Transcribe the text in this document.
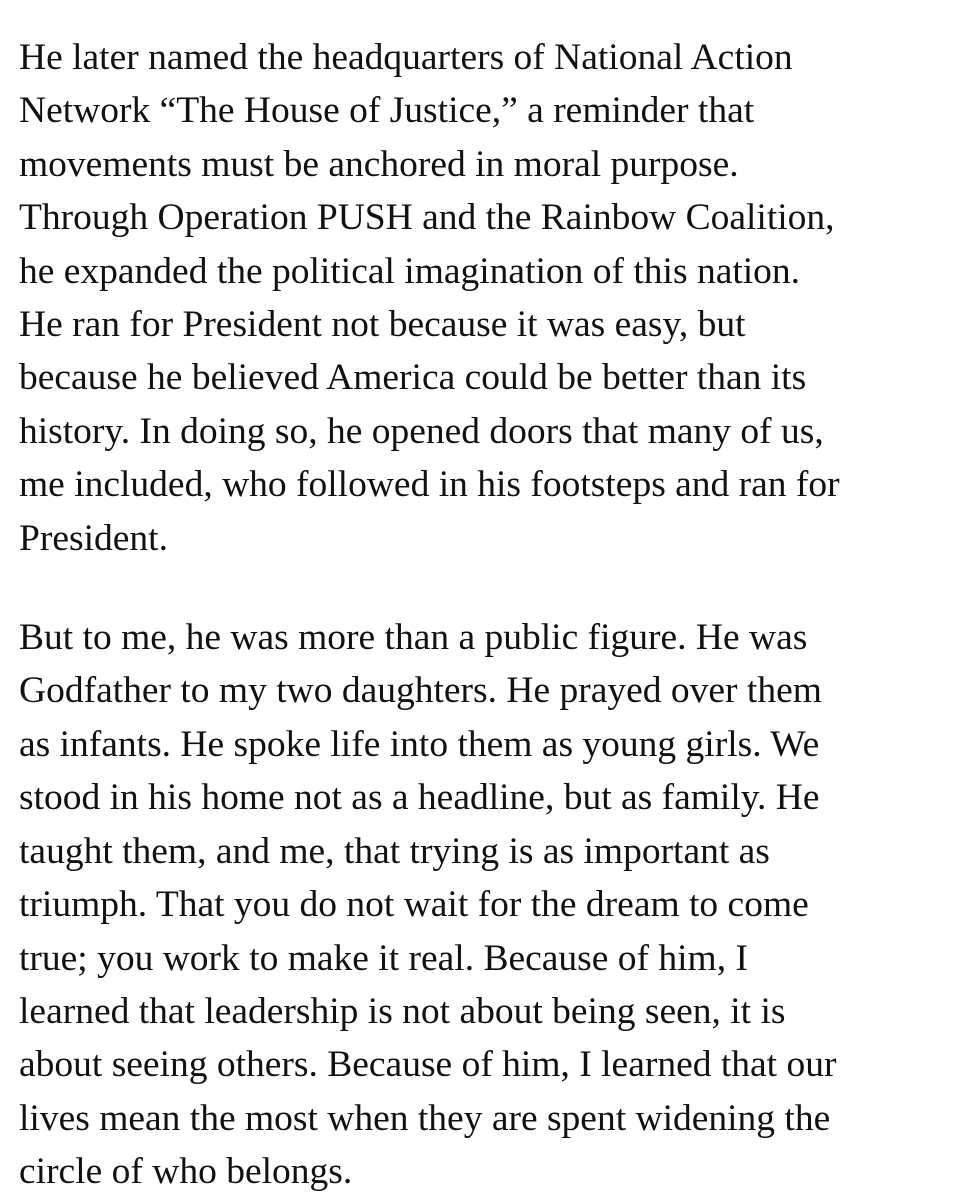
He later named the headquarters of National Action
Network “The House of Justice,” a reminder that
movements must be anchored in moral purpose.
Through Operation PUSH and the Rainbow Coalition,
he expanded the political imagination of this nation.
He ran for President not because it was easy, but
because he believed America could be better than its
history. In doing so, he opened doors that many of us,
me included, who followed in his footsteps and ran for
President.
But to me, he was more than a public figure. He was
Godfather to my two daughters. He prayed over them
as infants. He spoke life into them as young girls. We
stood in his home not as a headline, but as family. He
taught them, and me, that trying is as important as
triumph. That you do not wait for the dream to come
true; you work to make it real. Because of him, I
learned that leadership is not about being seen, it is
about seeing others. Because of him, I learned that our
lives mean the most when they are spent widening the
circle of who belongs.
